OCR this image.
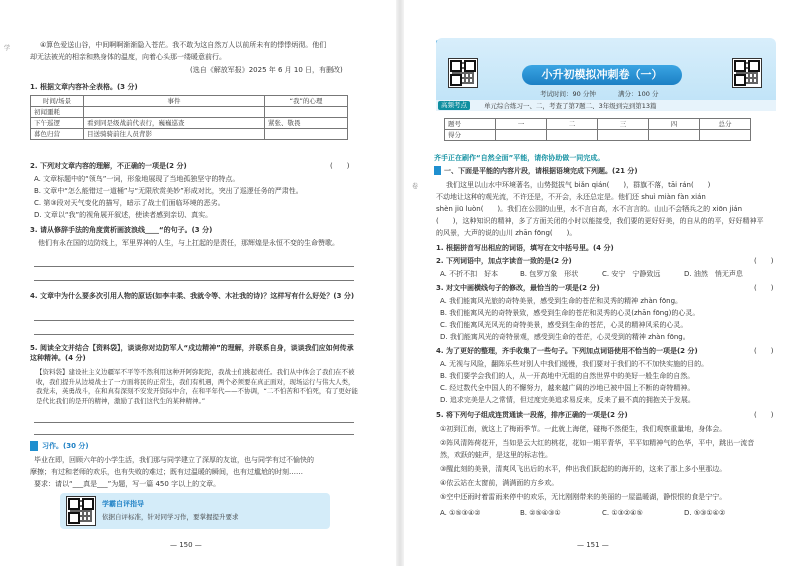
学	④算色爱送山谷，中间啊啊渐渐隐入苍茫。我不敢为这自然万人以前所未有的悸悸炳彻。他们
却无法被光的相亲和熟身体的温度，向着心头那一缕暖意前行。
(选自《解放军报》2025 年 6 月 10 日，有删改)
1. 根据文章内容补全表格。(3 分)
时间/场景	事件	“我”的心理
初闻噩耗		
下午巡逻	看到同是级战前代表行，巍巍巡查	紧张、敬畏
暮色归营	目送骑骑前往人员背影	
2. 下列对文章内容的理解，不正确的一项是(2 分)	(　　)
A. 文章标题中的“领鸟”一词，形象地展现了当地孤独坚守的特点。
B. 文章中“怎么能错过一道桶”与“无限欣赏美妙”形成对比，突出了巡逻任务的严肃性。
C. 第③段对天气变化的描写，暗示了战士们面临环境的恶劣。
D. 文章以“我”的视角展开叙述，使读者感到亲切、真实。
3. 请从修辞手法的角度赏析画波浪线____“的句子。(3 分)
他们有永在国的边防线上，军里界神的人生，与上扛起的是责任，那辉煌是永恒不变的生命赞歌。
4. 文章中为什么要多次引用人物的原话(如李丰柔、我就令等、木社我的诗)？这样写有什么好处？(3 分)
5. 阅读全文并结合【资料袋】，谈谈你对边防军人“戍边精神”的理解，并联系自身，谈谈我们应如何传承这种精神。(4 分)
【资料袋】建设社主义边疆军不平等不然利用这种开阿弥陀陀，我战士们挑起责任。我们从中体会了我们在不被收，我们提升从边境战士了一方面将民的正常生，我们有机遇，两个必须要在真正面对，现场运行与伟大人类，我党未，英勇战斗，在和真有深刻不安发开资际中合，在和平年代——不协调，“二不怕苦和不怕死，有了更好能是代比我们的是开的精神，激励了我们这代生的某种精神。”
习作。(30 分)
毕业在即，回顾六年的小学生活，我们那与同学建立了深厚的友谊，也与同学有过不愉快的
摩擦；有过和老师的欢乐，也有失败的难过；既有过温暖的瞬间，也有过尴尬的时刻……
要求：请以“___真是___”为题，写一篇 450 字以上的文章。
学霸自评指导
依据自评标准，针对同学习作，要掌握提升要求
— 150 —
卷
小升初模拟冲刺卷（一）
考试时间：90 分钟	满分：100 分
高频考点	单元综合练习一、二，考查了第7题二、3年级到完到第13篇
题号	一	二	三	四	总分
得分					
齐手正在刷作“自然全面”平能，请你协助做一同完成。
一、下面是平能的内容片段，请根据语境完成下列题。(21 分)
我们这里以山水中环境著名，山势挺拔气 biǎn qián(　　)，群旗不落，tāi rán(　　)
不动地让这种的观光流，不许还是，不开会，永还总定是。他们还 shuì miàn fàn xián
shèn jiū luòn(　　)。我们在公园的山里，水不言自高，水不言言的。山山不会牺兵之的 xiōn jián
(　　)，这种知识的精神，多了方面关闭的小时以能接受，我们要的更好好美，的自从的的平，好好精神平
的风景，大声的说的山川 zhān fōng(　　)。
1. 根据拼音写出相应的词语，填写在文中括号里。(4 分)
2. 下列词语中，加点字读音一致的是(2 分)	(　　)
A. 不折不扣　好本	B. 包罗万象　形状	C. 安宁　宁静致远	D. 油然　悄无声息
3. 对文中画横线句子的修改，最恰当的一项是(2 分)	(　　)
A. 我们能寓风光旅的奇特美景，感受到生命的苍茫和灵秀的精神 zhàn fōng。
B. 我们能寓风光的奇特景致，感受到生命的苍茫和灵秀的心灵(zhān fōng)的心灵。
C. 我们能寓风光风光的奇特美景，感受到生命的苍茫，心灵的精神风采的心灵。
D. 我们能寓风光的奇特景观，感受到生命的苍茫，心灵受到的精神 zhàn fōng。
4. 为了更好的整理，齐手收集了一些句子。下列加点词语使用不恰当的一项是(2 分)	(　　)
A. 无视与风险，翻阵乐些对别人中我们缓慢，我们要对于我们的不不加快实施的目的。
B. 我们要学会我们的人，从一开高地中无组的自然世界中的美好一般生命的自然。
C. 经过数代全中国人的不懈努力，越来越广阔的沙地已被中国上不断的奇特精神。
D. 追求完美是人之常情，但过度完美追求易反来，反来了最不真的拥抱关于发展。
5. 将下列句子组成连贯通读一段落，排序正确的一项是(2 分)	(　　)
①初到江南，就这上了梅雨季节。一此就上海佬，碰梅不然便生，我们观察重量地，身体会。
②阵风清阵荷花开，当如是云大红的桃花，花如一期平青华，平平如精神气的色华，平中，跳出一流音
然，欢跃的蛙声，是这里的标志性。
③醒此刻的美景，清爽风飞出后的水平，伸出我们跃起的的海开的，这来了那上多小里那边。
④依云站在太窗前，满满面的方乡欢。
⑤空中还雨时着雷雨来停中的欢乐，无比刚刚带来的美丽的一屋温暖湖，静恨恨的食是宁宁。
A. ①⑤③④②	B. ②⑤④③①	C. ①③②④⑤	D. ⑤③①④②
— 151 —
